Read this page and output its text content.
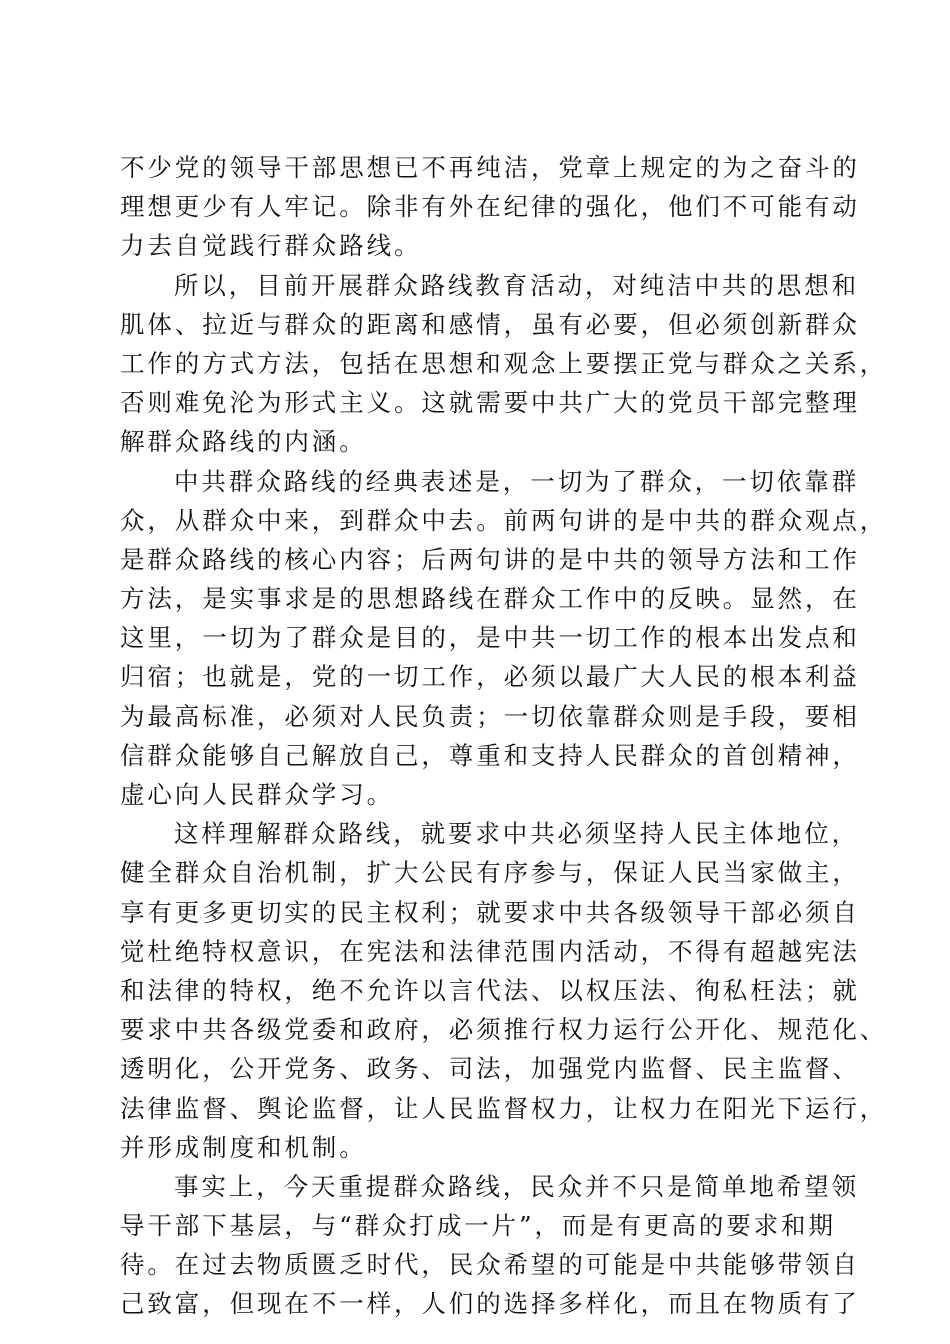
不少党的领导干部思想已不再纯洁，党章上规定的为之奋斗的
理想更少有人牢记。除非有外在纪律的强化，他们不可能有动
力去自觉践行群众路线。
所以，目前开展群众路线教育活动，对纯洁中共的思想和
肌体、拉近与群众的距离和感情，虽有必要，但必须创新群众
工作的方式方法，包括在思想和观念上要摆正党与群众之关系，
否则难免沦为形式主义。这就需要中共广大的党员干部完整理
解群众路线的内涵。
中共群众路线的经典表述是，一切为了群众，一切依靠群
众，从群众中来，到群众中去。前两句讲的是中共的群众观点，
是群众路线的核心内容；后两句讲的是中共的领导方法和工作
方法，是实事求是的思想路线在群众工作中的反映。显然，在
这里，一切为了群众是目的，是中共一切工作的根本出发点和
归宿；也就是，党的一切工作，必须以最广大人民的根本利益
为最高标准，必须对人民负责；一切依靠群众则是手段，要相
信群众能够自己解放自己，尊重和支持人民群众的首创精神，
虚心向人民群众学习。
这样理解群众路线，就要求中共必须坚持人民主体地位，
健全群众自治机制，扩大公民有序参与，保证人民当家做主，
享有更多更切实的民主权利；就要求中共各级领导干部必须自
觉杜绝特权意识，在宪法和法律范围内活动，不得有超越宪法
和法律的特权，绝不允许以言代法、以权压法、徇私枉法；就
要求中共各级党委和政府，必须推行权力运行公开化、规范化、
透明化，公开党务、政务、司法，加强党内监督、民主监督、
法律监督、舆论监督，让人民监督权力，让权力在阳光下运行，
并形成制度和机制。
事实上，今天重提群众路线，民众并不只是简单地希望领
导干部下基层，与“群众打成一片”，而是有更高的要求和期
待。在过去物质匮乏时代，民众希望的可能是中共能够带领自
己致富，但现在不一样，人们的选择多样化，而且在物质有了
